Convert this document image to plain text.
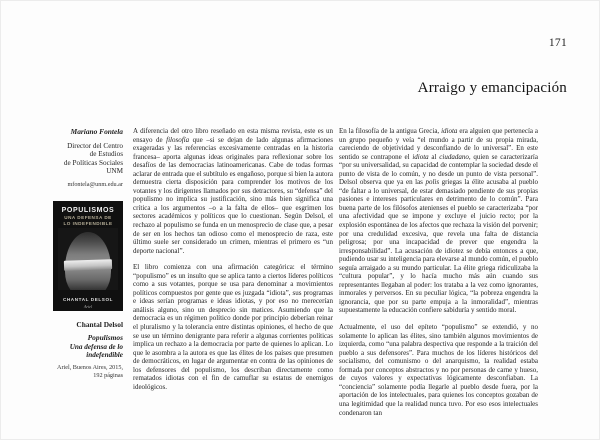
171
Arraigo y emancipación
Mariano Fontela
Director del Centro
de Estudios
de Políticas Sociales
UNM
mfontela@unm.edu.ar
POPULISMOS
UNA DEFENSA DE
LO INDEFENDIBLE
CHANTAL DELSOL
Ariel
Chantal Delsol
Populismos
Una defensa de lo
indefendible
Ariel, Buenos Aires, 2015,
192 páginas

A diferencia del otro libro reseñado en esta misma revista, este es un ensayo de filosofía que –si se dejan de lado algunas afirmaciones exageradas y las referencias excesivamente centradas en la historia francesa– aporta algunas ideas originales para reflexionar sobre los desafíos de las democracias latinoamericanas. Cabe de todas formas aclarar de entrada que el subtítulo es engañoso, porque si bien la autora demuestra cierta disposición para comprender los motivos de los votantes y los dirigentes llamados por sus detractores, su “defensa” del populismo no implica su justificación, sino más bien significa una crítica a los argumentos –o a la falta de ellos– que esgrimen los sectores académicos y políticos que lo cuestionan. Según Delsol, el rechazo al populismo se funda en un menosprecio de clase que, a pesar de ser en los hechos tan odioso como el menosprecio de raza, este último suele ser considerado un crimen, mientras el primero es “un deporte nacional”.

El libro comienza con una afirmación categórica: el término “populismo” es un insulto que se aplica tanto a ciertos líderes políticos como a sus votantes, porque se usa para denominar a movimientos políticos compuestos por gente que es juzgada “idiota”, sus programas e ideas serían programas e ideas idiotas, y por eso no merecerían análisis alguno, sino un desprecio sin matices. Asumiendo que la democracia es un régimen político donde por principio deberían reinar el pluralismo y la tolerancia entre distintas opiniones, el hecho de que se use un término denigrante para referir a algunas corrientes políticas implica un rechazo a la democracia por parte de quienes lo aplican. Lo que le asombra a la autora es que las élites de los países que presumen de democráticos, en lugar de argumentar en contra de las opiniones de los defensores del populismo, los describan directamente como rematados idiotas con el fin de camuflar su estatus de enemigos ideológicos.

En la filosofía de la antigua Grecia, idiota era alguien que pertenecía a un grupo pequeño y veía “el mundo a partir de su propia mirada, careciendo de objetividad y desconfiando de lo universal”. En este sentido se contrapone el idiota al ciudadano, quien se caracterizaría “por su universalidad, su capacidad de contemplar la sociedad desde el punto de vista de lo común, y no desde un punto de vista personal”. Delsol observa que ya en las polis griegas la élite acusaba al pueblo “de faltar a lo universal, de estar demasiado pendiente de sus propias pasiones e intereses particulares en detrimento de lo común”. Para buena parte de los filósofos atenienses el pueblo se caracterizaba “por una afectividad que se impone y excluye el juicio recto; por la explosión espontánea de los afectos que rechaza la visión del porvenir; por una credulidad excesiva, que revela una falta de distancia peligrosa; por una incapacidad de prever que engendra la irresponsabilidad”. La acusación de idiotez se debía entonces a que, pudiendo usar su inteligencia para elevarse al mundo común, el pueblo seguía arraigado a su mundo particular. La élite griega ridiculizaba la “cultura popular”, y lo hacía mucho más aún cuando sus representantes llegaban al poder: los trataba a la vez como ignorantes, inmorales y perversos. En su peculiar lógica, “la pobreza engendra la ignorancia, que por su parte empuja a la inmoralidad”, mientras supuestamente la educación confiere sabiduría y sentido moral.

Actualmente, el uso del epíteto “populismo” se extendió, y no solamente lo aplican las élites, sino también algunos movimientos de izquierda, como “una palabra despectiva que responde a la traición del pueblo a sus defensores”. Para muchos de los líderes históricos del socialismo, del comunismo o del anarquismo, la realidad estaba formada por conceptos abstractos y no por personas de carne y hueso, de cuyos valores y expectativas lógicamente desconfiaban. La “conciencia” solamente podía llegarle al pueblo desde fuera, por la aportación de los intelectuales, para quienes los conceptos gozaban de una legitimidad que la realidad nunca tuvo. Por eso esos intelectuales condenaron tan
